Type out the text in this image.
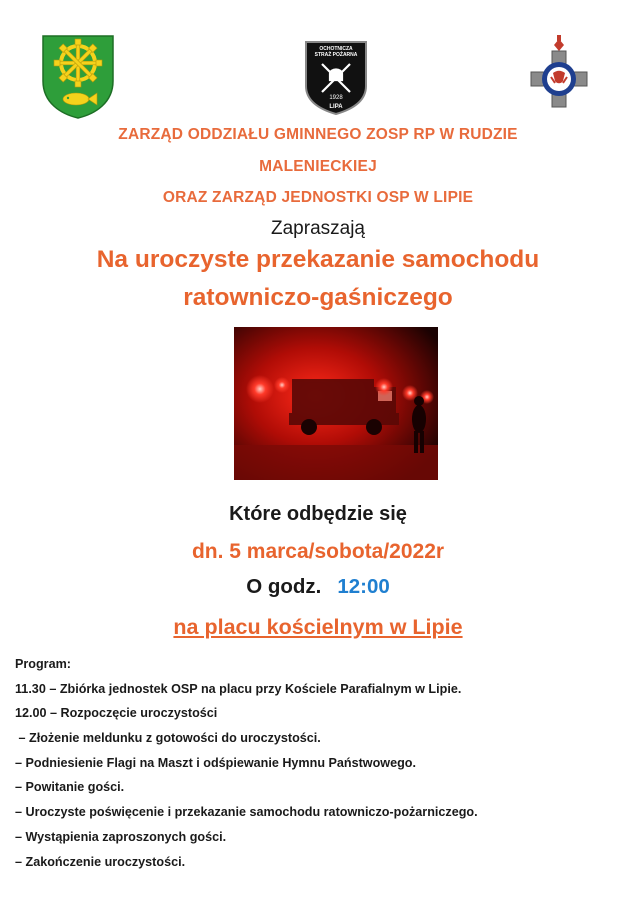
OCHOTNICZA
STRAŻ POŻARNA
1928
LIPA
ZARZĄD ODDZIAŁU GMINNEGO ZOSP RP W RUDZIE
MALENIECKIEJ
ORAZ ZARZĄD JEDNOSTKI OSP W LIPIE
Zapraszają
Na uroczyste przekazanie samochodu
ratowniczo-gaśniczego
Które odbędzie się
dn. 5 marca/sobota/2022r
O godz. 12:00
na placu kościelnym w Lipie
Program:
11.30 – Zbiórka jednostek OSP na placu przy Kościele Parafialnym w Lipie.
12.00 – Rozpoczęcie uroczystości
– Złożenie meldunku z gotowości do uroczystości.
– Podniesienie Flagi na Maszt i odśpiewanie Hymnu Państwowego.
– Powitanie gości.
– Uroczyste poświęcenie i przekazanie samochodu ratowniczo-pożarniczego.
– Wystąpienia zaproszonych gości.
– Zakończenie uroczystości.
